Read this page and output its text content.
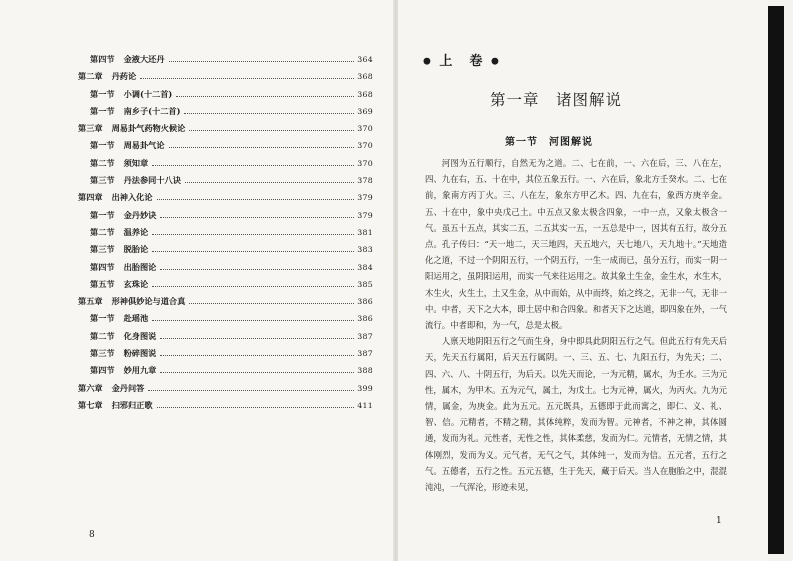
第四节 金液大还丹	364
第二章 丹药论	368
第一节 小调(十二首)	368
第一节 南乡子(十二首)	369
第三章 周易卦气药物火候论	370
第一节 周易卦气论	370
第二节 须知章	370
第三节 丹法参同十八诀	378
第四章 出神入化论	379
第一节 金丹妙诀	379
第二节 温养论	381
第三节 脱胎论	383
第四节 出胎图论	384
第五节 玄珠论	385
第五章 形神俱妙论与道合真	386
第一节 赴瑶池	386
第二节 化身图说	387
第三节 粉碎图说	387
第四节 妙用九章	388
第六章 金丹问答	399
第七章 扫邪归正歌	411
8
● 上　卷 ●
第一章　诸图解说
第一节　河图解说

河图为五行顺行，自然无为之道。二、七在前，一、六在后，三、八在左，四、九在右，五、十在中，其位五象五行。一、六在后，象北方壬癸水。二、七在前，象南方丙丁火。三、八在左，象东方甲乙木。四、九在右，象西方庚辛金。五、十在中，象中央戊己土。中五点又象太极含四象，一中一点，又象太极含一气。虽五十五点，其实二五，二五其实一五，一五总是中一，因其有五行，故分五点。孔子传曰：“天一地二，天三地四，天五地六，天七地八，天九地十。”天地造化之道，不过一个阴阳五行，一个阴五行，一生一成而已，虽分五行，而实一阴一阳运用之，虽阴阳运用，而实一气来往运用之。故其象土生金，金生水，水生木，木生火，火生土，土又生金，从中而始，从中而终，始之终之，无非一气，无非一中。中者，天下之大本，即土居中和合四象。和者天下之达道，即四象在外，一气流行。中者即和，为一气，总是太极。

人禀天地阴阳五行之气而生身，身中即具此阴阳五行之气。但此五行有先天后天，先天五行属阳，后天五行属阴。一、三、五、七、九阳五行，为先天；二、四、六、八、十阴五行，为后天。以先天而论，一为元精，属水，为壬水。三为元性，属木，为甲木。五为元气，属土，为戊土。七为元神，属火，为丙火。九为元情，属金，为庚金。此为五元。五元既具，五德即于此而寓之，即仁、义、礼、智、信。元精者，不精之精，其体纯粹，发而为智。元神者，不神之神，其体圆通，发而为礼。元性者，无性之性，其体柔慈，发而为仁。元情者，无情之情，其体刚烈，发而为义。元气者，无气之气，其体纯一，发而为信。五元者，五行之气。五德者，五行之性。五元五德，生于先天，藏于后天。当人在胞胎之中，混混沌沌，一气浑沦，形迹未见，

1
